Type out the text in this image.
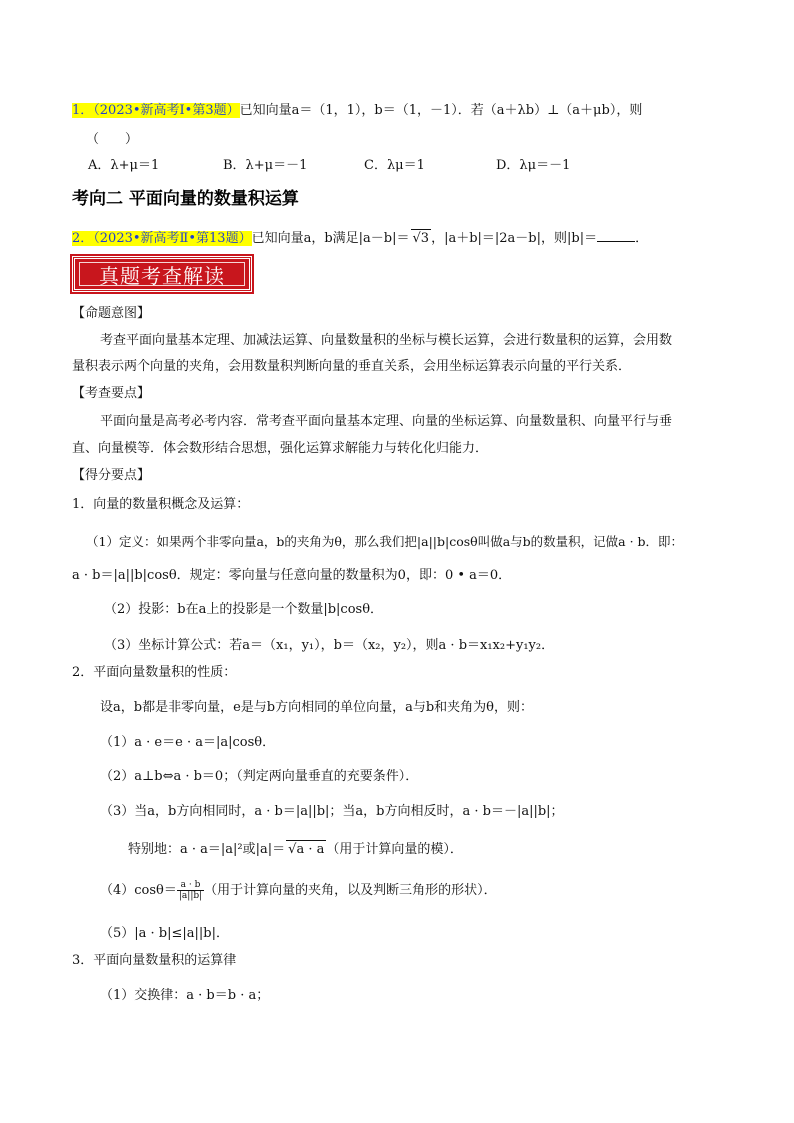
1．（2023•新高考Ⅰ•第3题）已知向量a＝（1，1），b＝（1，－1）．若（a＋λb）⊥（a＋μb），则
（　　）
A．λ+μ＝1	B．λ+μ＝－1	C．λμ＝1	D．λμ＝－1
考向二 平面向量的数量积运算
2．（2023•新高考Ⅱ•第13题）已知向量a，b满足|a－b|＝ √3 ，|a＋b|＝|2a－b|，则|b|＝	．
真题考查解读
【命题意图】
考查平面向量基本定理、加减法运算、向量数量积的坐标与模长运算，会进行数量积的运算，会用数
量积表示两个向量的夹角，会用数量积判断向量的垂直关系，会用坐标运算表示向量的平行关系．
【考查要点】
平面向量是高考必考内容．常考查平面向量基本定理、向量的坐标运算、向量数量积、向量平行与垂
直、向量模等．体会数形结合思想，强化运算求解能力与转化化归能力．
【得分要点】
1．向量的数量积概念及运算：
（1）定义：如果两个非零向量a，b的夹角为θ，那么我们把|a||b|cosθ叫做a与b的数量积，记做a · b．即：
a · b＝|a||b|cosθ．规定：零向量与任意向量的数量积为0，即：0 • a＝0．
（2）投影：b在a上的投影是一个数量|b|cosθ．
（3）坐标计算公式：若a＝（x₁，y₁），b＝（x₂，y₂），则a · b＝x₁x₂+y₁y₂．
2．平面向量数量积的性质：
设a，b都是非零向量，e是与b方向相同的单位向量，a与b和夹角为θ，则：
（1）a · e＝e · a＝|a|cosθ．
（2）a⊥b⇔a · b＝0；（判定两向量垂直的充要条件）．
（3）当a，b方向相同时，a · b＝|a||b|；当a，b方向相反时，a · b＝－|a||b|；
特别地：a · a＝|a|²或|a|＝ √a · a （用于计算向量的模）．
$(4)\cos\theta= \frac{a \cdot b}{|a||b|}$ （用于计算向量的夹角，以及判断三角形的形状）．
（5）|a · b|≤|a||b|．
3．平面向量数量积的运算律
（1）交换律：a · b＝b · a；
